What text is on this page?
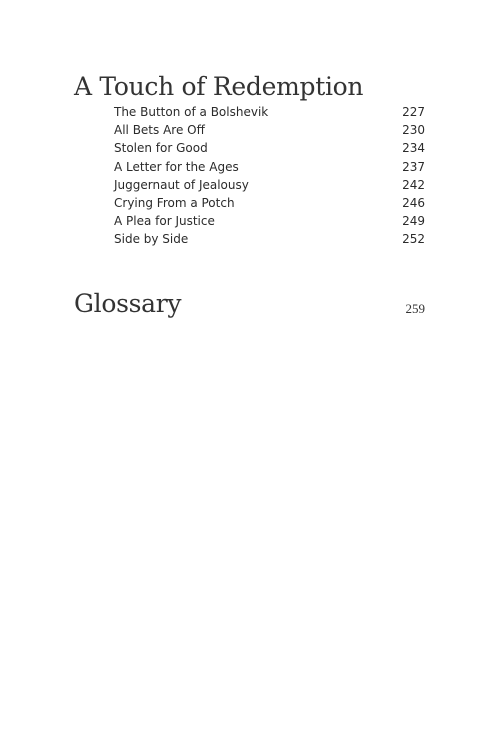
A Touch of Redemption
The Button of a Bolshevik	227
All Bets Are Off	230
Stolen for Good	234
A Letter for the Ages	237
Juggernaut of Jealousy	242
Crying From a Potch	246
A Plea for Justice	249
Side by Side	252
Glossary	259
